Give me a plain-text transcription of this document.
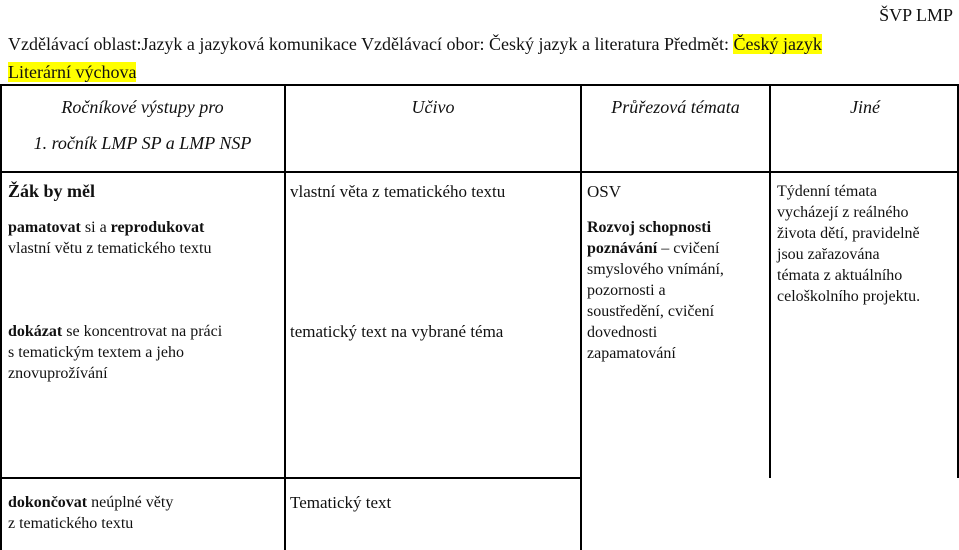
ŠVP LMP
Vzdělávací oblast:Jazyk a jazyková komunikace Vzdělávací obor: Český jazyk a literatura Předmět: Český jazyk
Literární výchova
Ročníkové výstupy pro
1. ročník LMP SP a LMP NSP
Učivo	Průřezová témata	Jiné
Žák by měl
pamatovat si a reprodukovat
vlastní větu z tematického textu
dokázat se koncentrovat na práci
s tematickým textem a jeho
znovuprožívání
vlastní věta z tematického textu
tematický text na vybrané téma
OSV
Rozvoj schopnosti
poznávání – cvičení
smyslového vnímání,
pozornosti a
soustředění, cvičení
dovednosti
zapamatování
Týdenní témata
vycházejí z reálného
života dětí, pravidelně
jsou zařazována
témata z aktuálního
celoškolního projektu.
dokončovat neúplné věty
z tematického textu
Tematický text
